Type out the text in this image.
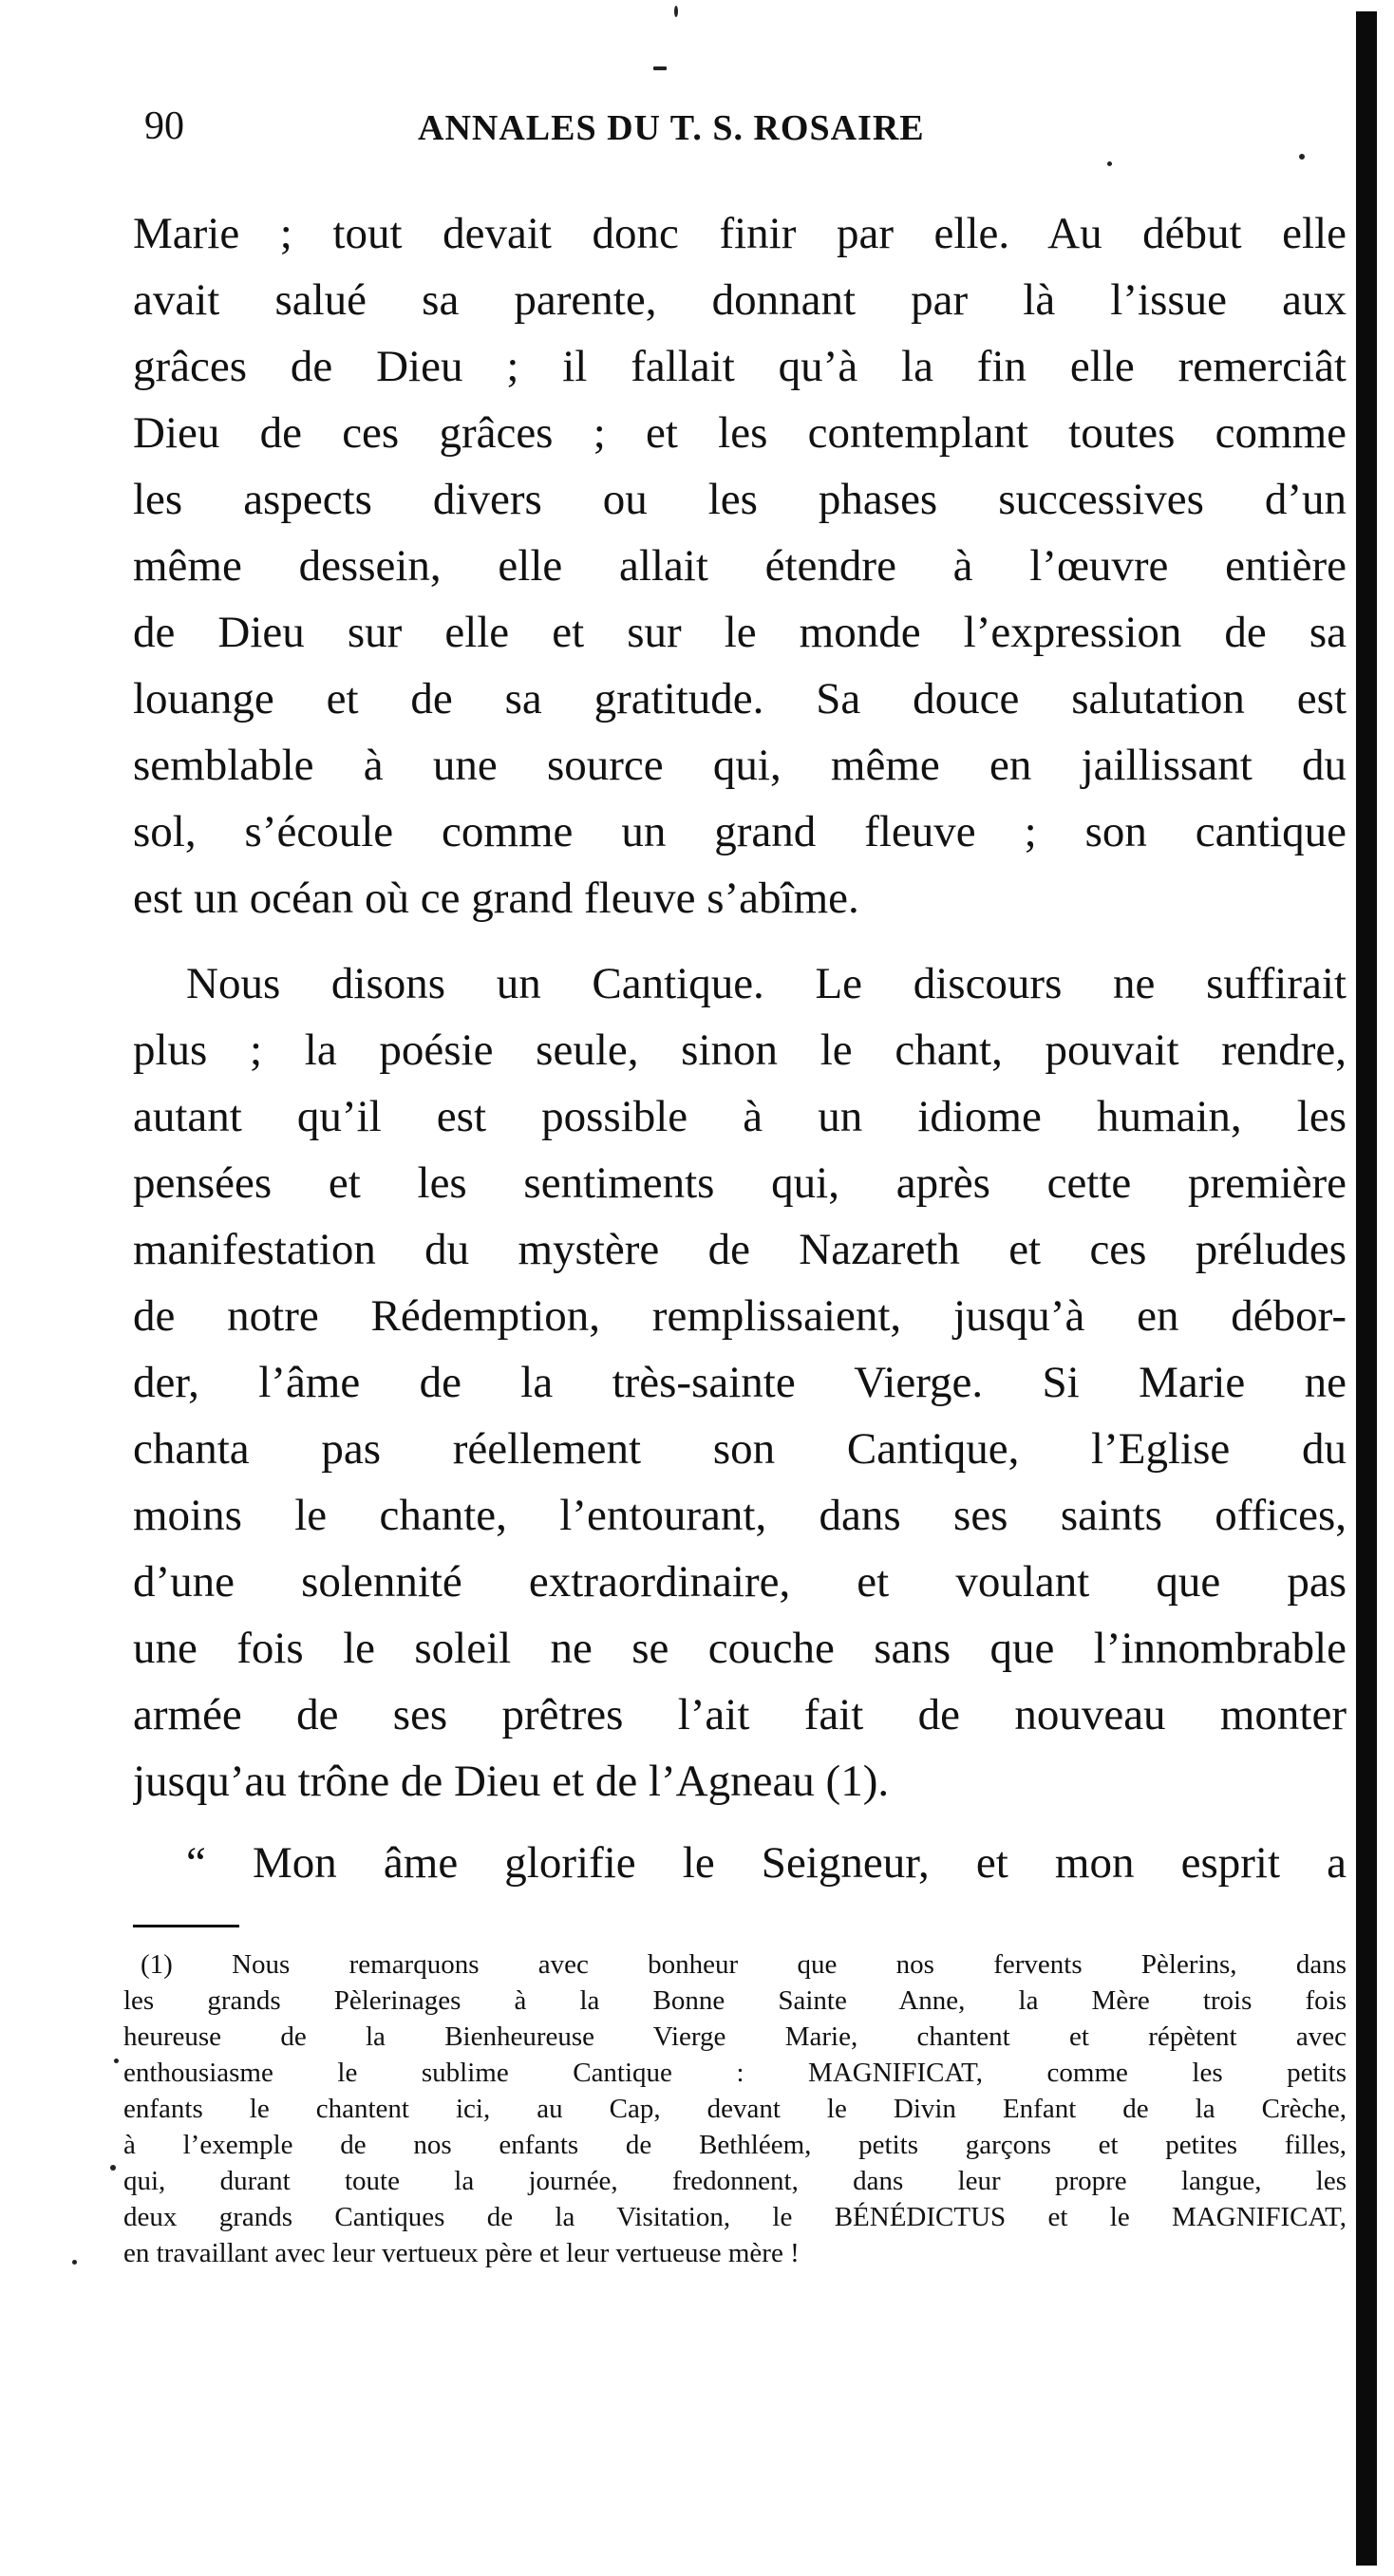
90	ANNALES DU T. S. ROSAIRE
Marie ; tout devait donc finir par elle. Au début elle
avait salué sa parente, donnant par là l’issue aux
grâces de Dieu ; il fallait qu’à la fin elle remerciât
Dieu de ces grâces ; et les contemplant toutes comme
les aspects divers ou les phases successives d’un
même dessein, elle allait étendre à l’œuvre entière
de Dieu sur elle et sur le monde l’expression de sa
louange et de sa gratitude. Sa douce salutation est
semblable à une source qui, même en jaillissant du
sol, s’écoule comme un grand fleuve ; son cantique
est un océan où ce grand fleuve s’abîme.
Nous disons un Cantique. Le discours ne suffirait
plus ; la poésie seule, sinon le chant, pouvait rendre,
autant qu’il est possible à un idiome humain, les
pensées et les sentiments qui, après cette première
manifestation du mystère de Nazareth et ces préludes
de notre Rédemption, remplissaient, jusqu’à en débor-
der, l’âme de la très-sainte Vierge. Si Marie ne
chanta pas réellement son Cantique, l’Eglise du
moins le chante, l’entourant, dans ses saints offices,
d’une solennité extraordinaire, et voulant que pas
une fois le soleil ne se couche sans que l’innombrable
armée de ses prêtres l’ait fait de nouveau monter
jusqu’au trône de Dieu et de l’Agneau (1).
“ Mon âme glorifie le Seigneur, et mon esprit a
(1) Nous remarquons avec bonheur que nos fervents Pèlerins, dans
les grands Pèlerinages à la Bonne Sainte Anne, la Mère trois fois
heureuse de la Bienheureuse Vierge Marie, chantent et répètent avec
enthousiasme le sublime Cantique : MAGNIFICAT, comme les petits
enfants le chantent ici, au Cap, devant le Divin Enfant de la Crèche,
à l’exemple de nos enfants de Bethléem, petits garçons et petites filles,
qui, durant toute la journée, fredonnent, dans leur propre langue, les
deux grands Cantiques de la Visitation, le BÉNÉDICTUS et le MAGNIFICAT,
en travaillant avec leur vertueux père et leur vertueuse mère !
